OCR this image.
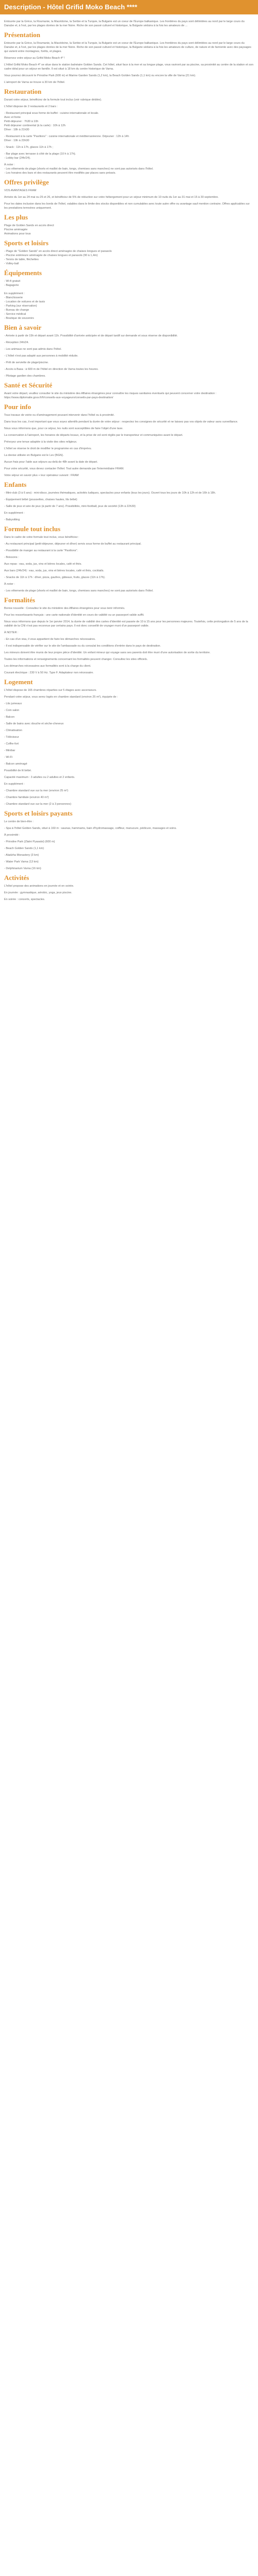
Description - Hôtel Grifid Moko Beach ****

Entourée par la Grèce, la Roumanie, la Macédoine, la Serbie et la Turquie, la Bulgarie est un coeur de l'Europe balkanique. Les frontières du pays sont délimitées au nord par le large cours du Danube et, à l'est, par les plages dorées de la mer Noire. Riche de son passé culturel et historique, la Bulgarie séduira à la fois les amateurs de ...

Présentation

Entourée par la Grèce, la Roumanie, la Macédoine, la Serbie et la Turquie, la Bulgarie est un coeur de l'Europe balkanique. Les frontières du pays sont délimitées au nord par le large cours du Danube et, à l'est, par les plages dorées de la mer Noire. Riche de son passé culturel et historique, la Bulgarie séduira à la fois les amateurs de culture, de nature et de farniente avec des paysages qui varient entre montagnes, forêts, et plages.

Réservez votre séjour au Grifid Moko Beach 4* !

L'Hôtel Grifid Moko Beach 4* se situe dans le station balnéaire Golden Sands. Cet hôtel, situé face à la mer et sa longue plage, vous raviront par sa piscine, sa proximité au centre de la station et son cadre idéal pour un séjour en famille. Il est situé à 18 km du centre historique de Varna.

Vous pourrez découvrir le Prirodne Park (600 m) et Marine Garden Sands (1,2 km), la Beach Golden Sands (1,1 km) ou encore la ville de Varna (21 km).

L'aéroport de Varna se trouve à 30 km de l'hôtel.

Restauration

Durant votre séjour, bénéficiez de la formule tout inclus (voir rubrique dédiée).

L'hôtel dispose de 2 restaurants et 2 bars :

- Restaurant principal sous forme de buffet : cuisine internationale et locale.
Avec et fonte
Petit-déjeuner : 7h30 à 10h
Petit déjeuner continental (à la carte) : 10h à 12h
Dîner : 18h à 21h30

- Restaurant à la carte "Pavilions" : cuisine internationale et méditerranéenne. Déjeuner : 12h à 14h
Dîner : 19h à 23h30

- Snack : 11h à 17h, glaces 11h à 17h ;

- Bar plage avec terrasse à côté de la plage (10 h à 17h).
- Lobby bar (24h/24).

À noter :
- Les vêtements de plage (shorts et maillot de bain, tongs, chemises sans manches) ne sont pas autorisés dans l'hôtel.
- Les horaires des bars et des restaurants peuvent être modifiés par places sans préavis.

Offres privilège

VOS AVANTAGES FRAM

Arrivée du 1er au 24 mai ou 25 et 26, et bénéficiez de 5% de réduction sur votre hébergement pour un séjour minimum de 10 nuits du 1er au 31 mai et 15 à 30 septembre.

Pour les dates inclusion dans les bords de l'hôtel, valables dans le limite des stocks disponibles et non cumulables avec toute autre offre ou avantage sauf mention contraire. Offres applicables sur les prestations terrestres uniquement.

Les plus
Plage de Golden Sands en accès direct
Piscine aménagée
Animations pour tous
Sports et loisirs
- Plage de "Golden Sands" en accès direct aménagée de chaises longues et parasols
- Piscine extérieure aménagée de chaises longues et parasols (90 à 1,4m)
- Tennis de table, fléchettes
- Volley-ball
Équipements
- Wi-fi gratuit
- Bagagerie

En supplément :
- Blanchisserie
- Location de voitures et de taxis
- Parking (sur réservation)
- Bureau de change
- Service médical
- Boutique de souvenirs
Bien à savoir

- Arrivée à partir de 15h et départ avant 11h. Possibilité d'arrivée anticipée et de départ tardif sur demande et sous réserve de disponibilité.

- Réception 24h/24.

- Les animaux ne sont pas admis dans l'hôtel.

- L'hôtel n'est pas adapté aux personnes à mobilité réduite.

- Prêt de serviette de plage/piscine.

- Accès à Basa : à 600 m de l'hôtel en direction de Varna toutes les heures.

- Pilotage gardien des chambres.

Santé et Sécurité

Avant votre départ, veuillez consulter le site du ministère des Affaires étrangères pour connaître les risques sanitaires éventuels qui peuvent concerner votre destination : https://www.diplomatie.gouv.fr/fr/conseils-aux-voyageurs/conseils-par-pays-destination/

Pour info

Tous travaux de voirie ou d'aménagement pouvant intervenir dans l'hôtel ou à proximité.

Dans tous les cas, il est important que vous soyez attentifs pendant la durée de votre séjour : respectez les consignes de sécurité et ne laissez pas vos objets de valeur sans surveillance.

Nous vous informons que, pour ce séjour, les nuits sont susceptibles de faire l'objet d'une taxe.

La conservation à l'aéroport, les horaires de départs locaux, et la prise de vol sont réglés par le transporteur et communiquées avant le départ.

Prévoyez une tenue adaptée à la visite des sites religieux.

L'hôtel se réserve le droit de modifier le programme en cas d'imprévu.

La devise utilisée en Bulgarie est le Lev (BGN).

Aucun frais pour l'aide aux séjours au-delà de 48h avant la date de départ.

Pour votre sécurité, vous devez contacter l'hôtel. Tout autre demande par l'intermédiaire FRAM.

Votre séjour en savoir plus + leur opérateur suivant : FRAM

Enfants

- Mini-club (3 à 6 ans) : mini-disco, journées thématiques, activités ludiques, spectacles pour enfants (tous les jours). Ouvert tous les jours de 10h à 12h et de 16h à 18h.

- Équipement bébé (poussettes, chaises hautes, lits bébé)

- Salle de jeux et aire de jeux (à partir de 7 ans). Possibilités, mini-football, jeux de société (13h à 22h30)

En supplément :

- Babysitting

Formule tout inclus

Dans le cadre de votre formule tout inclus, vous bénéficiez :

- Au restaurant principal (petit-déjeuner, déjeuner et dîner) servis sous forme de buffet au restaurant principal.

- Possibilité de manger au restaurant à la carte "Pavilions".

- Boissons :

Aux repas : eau, soda, jus, vins et bières locales, café et thés.

Aux bars (24h/24) : eau, soda, jus, vins et bières locales, café et thés, cocktails.

- Snacks de 11h à 17h : dîner, pizza, gaufres, gâteaux, fruits, glaces (11h à 17h).

À noter :

- Les vêtements de plage (shorts et maillot de bain, tongs, chemises sans manches) ne sont pas autorisés dans l'hôtel.

Formalités

Bonne nouvelle : Consultez le site du ministère des Affaires étrangères pour vous tenir informés.

Pour les ressortissants français : une carte nationale d'identité en cours de validité ou un passeport valide suffit.

Nous vous informons que depuis le 1er janvier 2014, la durée de validité des cartes d'identité est passée de 10 à 15 ans pour les personnes majeures. Toutefois, cette prolongation de 5 ans de la validité de la CNI n'est pas reconnue par certains pays. Il est donc conseillé de voyager muni d'un passeport valide.

À NOTER :

- En cas d'un visa, il vous appartient de faire les démarches nécessaires.

- Il est indispensable de vérifier sur le site de l'ambassade ou du consulat les conditions d'entrée dans le pays de destination.

Les mineurs doivent être munis de leur propre pièce d'identité. Un enfant mineur qui voyage sans ses parents doit être muni d'une autorisation de sortie du territoire.

Toutes les informations et renseignements concernant les formalités peuvent changer. Consultez les sites officiels.

Les démarches nécessaires aux formalités sont à la charge du client.

Courant électrique : 230 V à 50 Hz. Type F. Adaptateur non nécessaire.

Logement

L'hôtel dispose de 165 chambres réparties sur 5 étages avec ascenseurs.

Pendant votre séjour, vous serez logés en chambre standard (environ 25 m²), équipée de :

- Lits jumeaux

- Coin salon

- Balcon

- Salle de bains avec douche et sèche-cheveux

- Climatisation

- Téléviseur

- Coffre-fort

- Minibar

- Wi-Fi

- Balcon aménagé

Possibilité de lit bébé.

Capacité maximum : 3 adultes ou 2 adultes et 2 enfants.

En supplément :

- Chambre standard vue sur la mer (environ 25 m²)

- Chambre familiale (environ 40 m²)

- Chambre standard vue sur la mer (2 à 3 personnes)

Sports et loisirs payants

Le centre de bien-être :

- Spa à l'hôtel Golden Sands, situé à 160 m : saunas, hammams, bain d'hydromassage, coiffeur, manucure, pédicure, massages et soins.

À proximité :

- Prirodne Park (Zlatni Pyasatsi) (600 m)

- Beach Golden Sands (1,1 km)

- Aladzha Monastery (3 km)

- Water Park Varna (13 km)

- Delphinarium Varna (16 km)

Activités

L'hôtel propose des animations en journée et en soirée.

En journée : gymnastique, aérobic, yoga, jeux piscine.

En soirée : concerts, spectacles.
